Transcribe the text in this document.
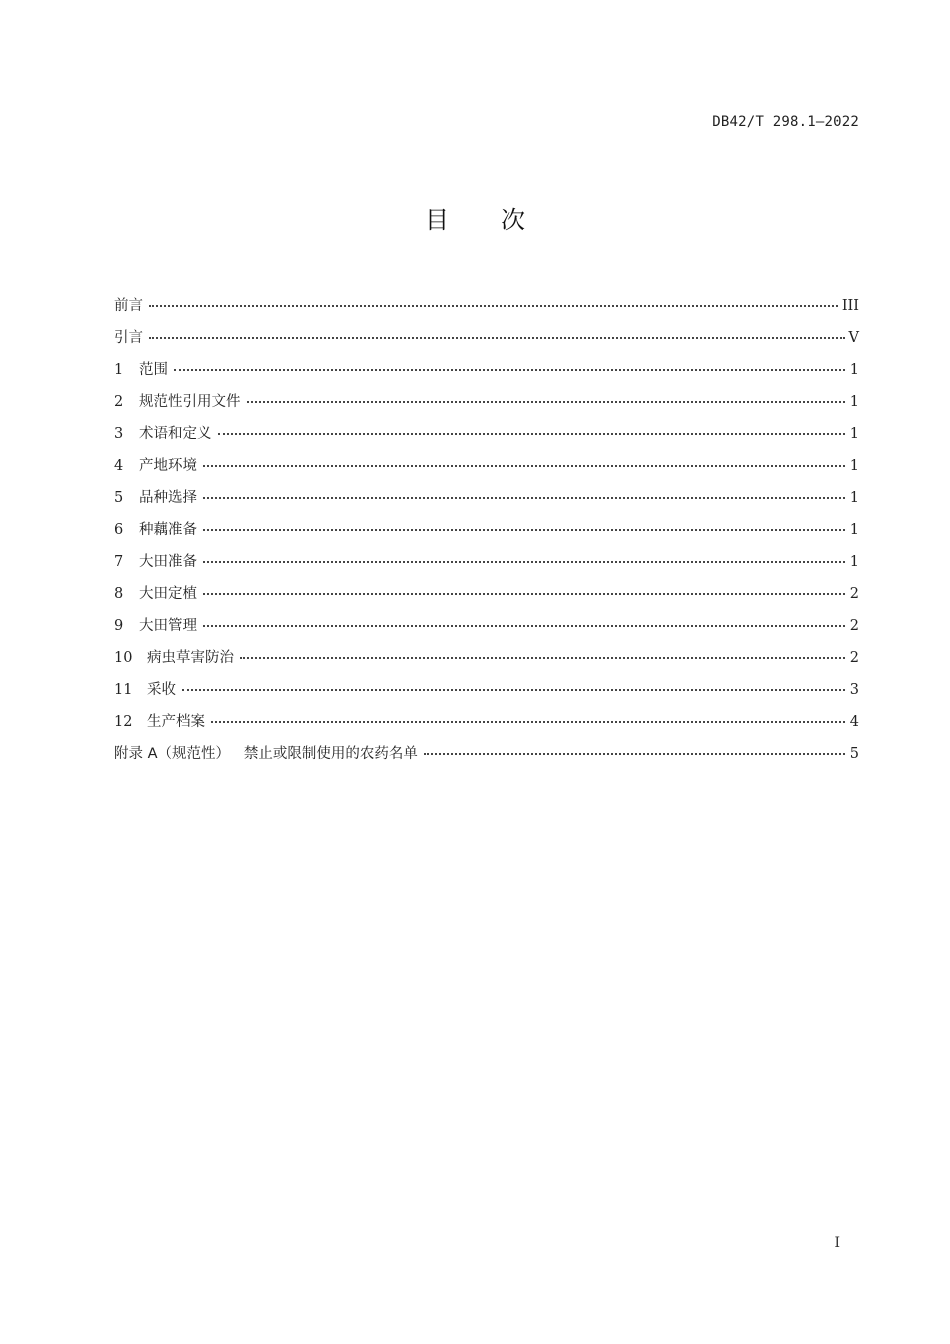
DB42/T 298.1—2022
目 次
前言	III
引言	V
1	范围	1
2	规范性引用文件	1
3	术语和定义	1
4	产地环境	1
5	品种选择	1
6	种藕准备	1
7	大田准备	1
8	大田定植	2
9	大田管理	2
10	病虫草害防治	2
11	采收	3
12	生产档案	4
附录 A（规范性）   禁止或限制使用的农药名单	5
I
